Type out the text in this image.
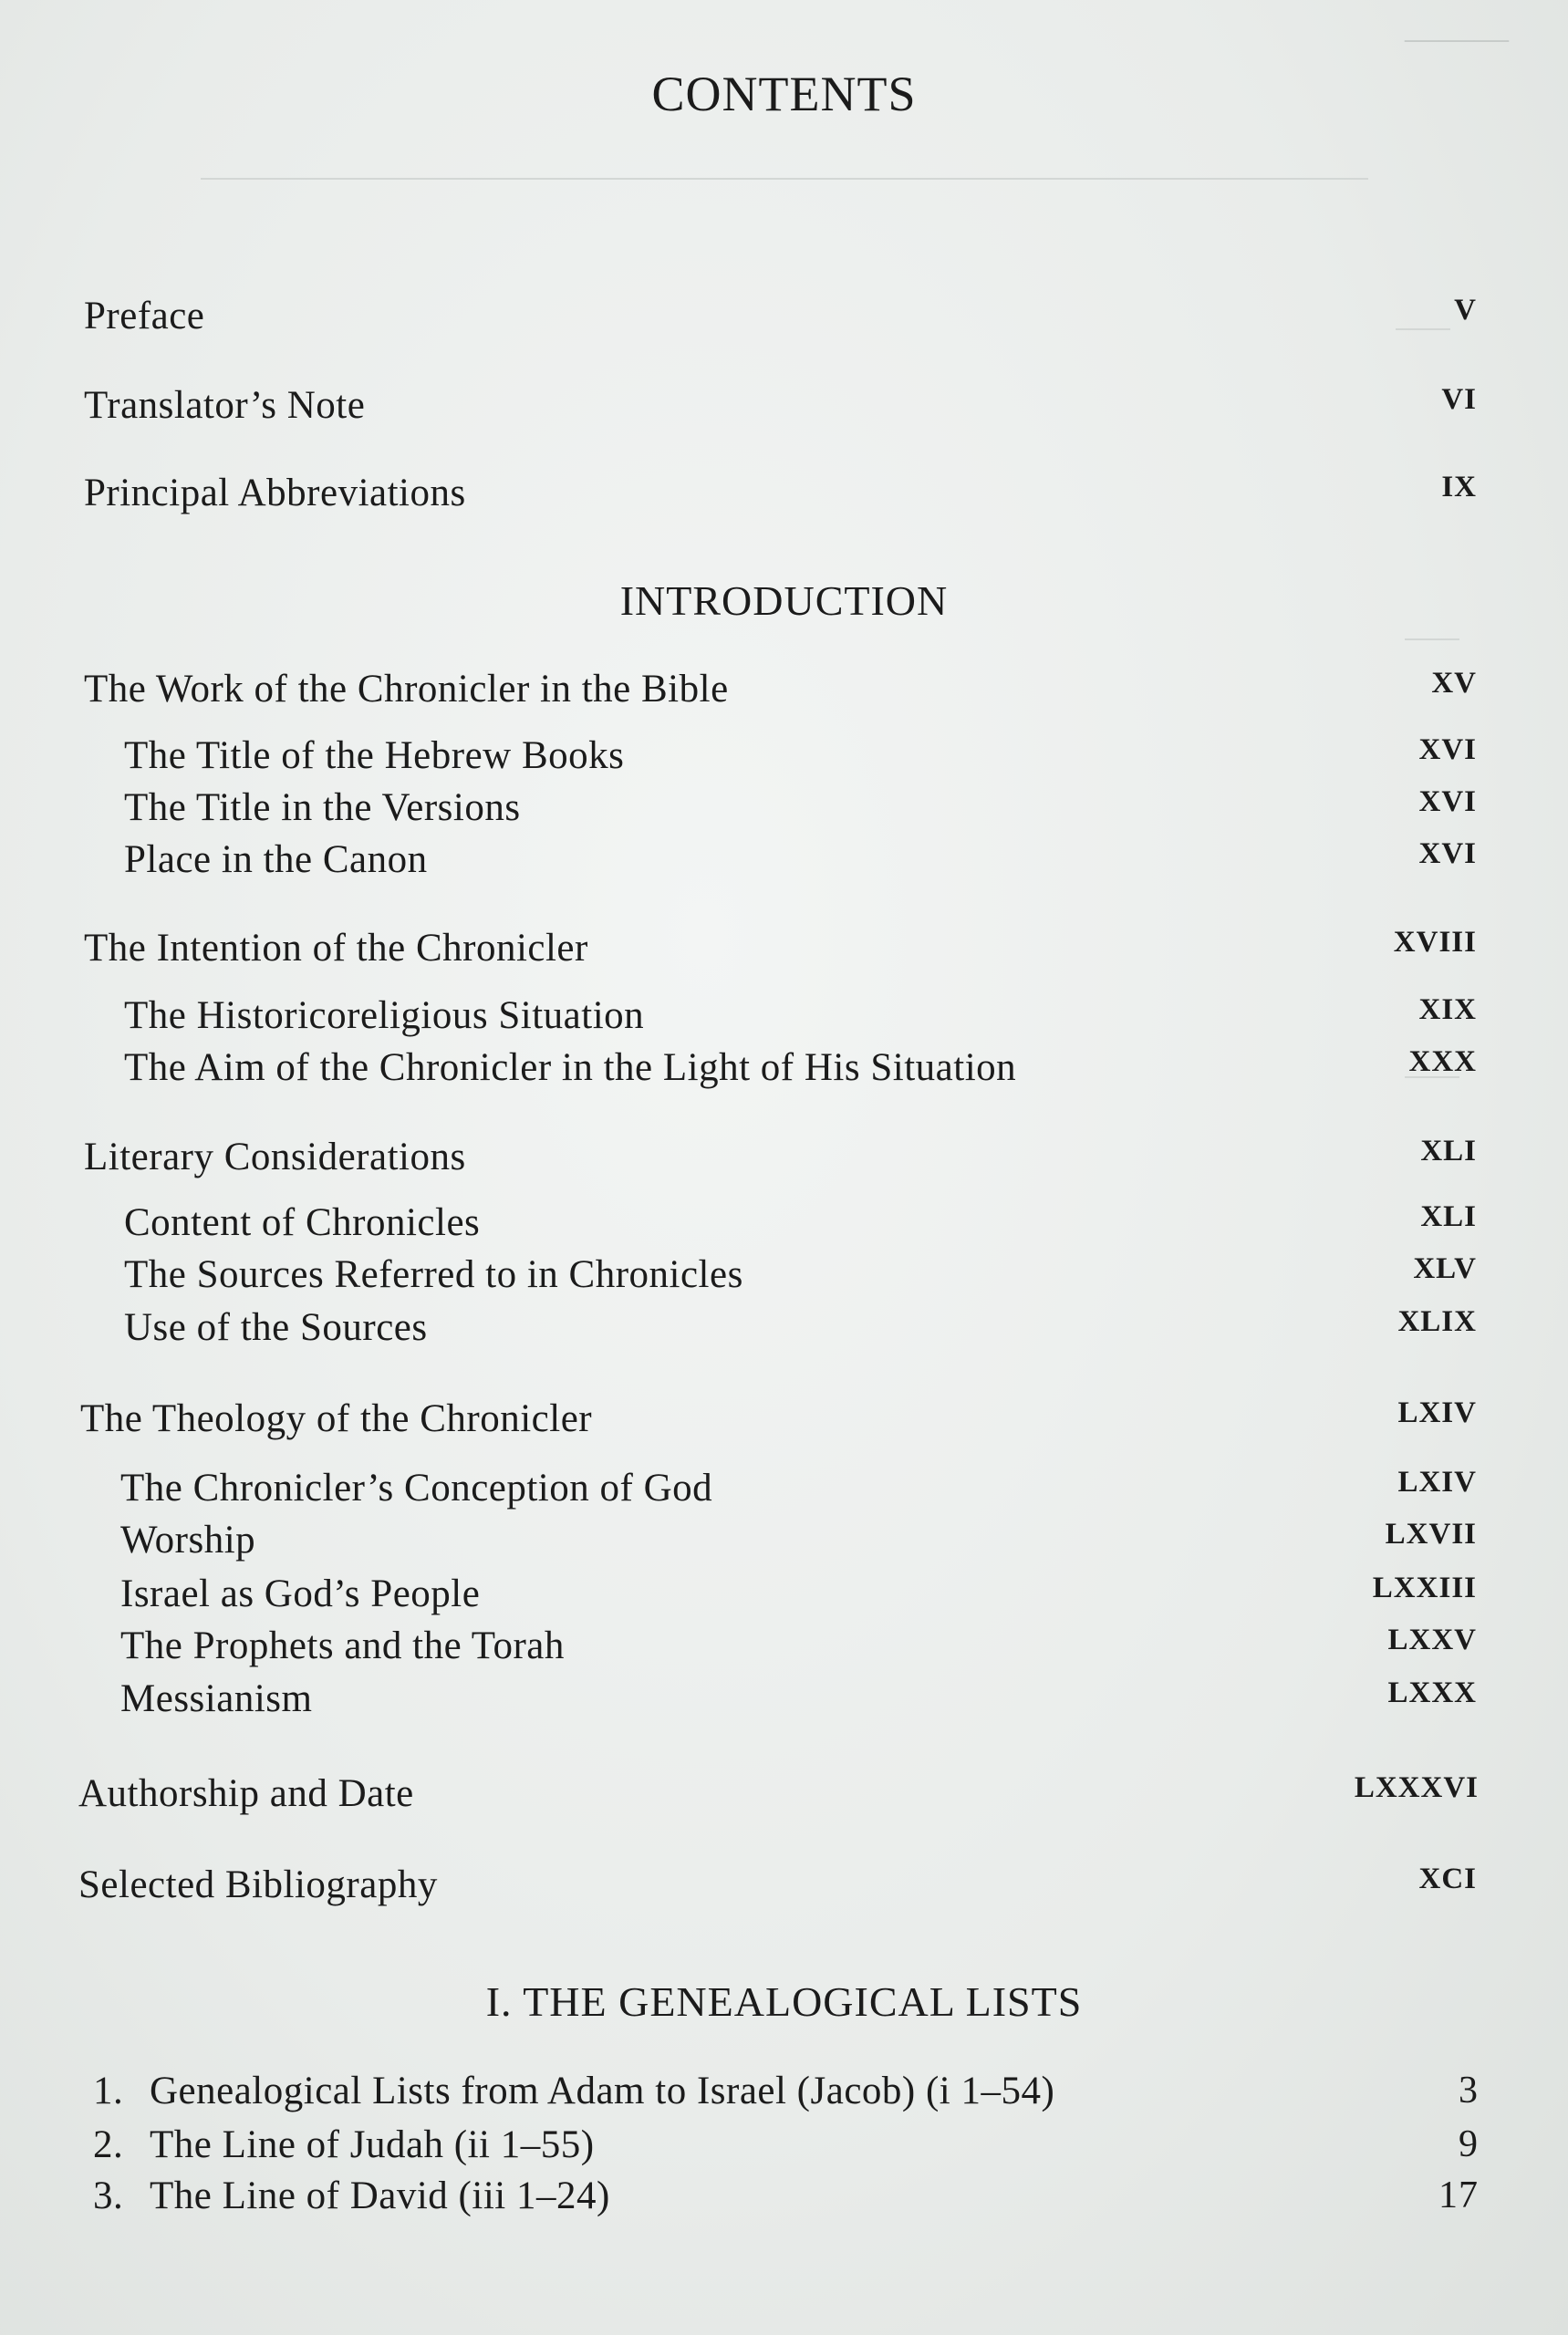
———
CONTENTS
Preface	V
Translator’s Note	VI
Principal Abbreviations	IX
INTRODUCTION
The Work of the Chronicler in the Bible	XV
The Title of the Hebrew Books	XVI
The Title in the Versions	XVI
Place in the Canon	XVI
The Intention of the Chronicler	XVIII
The Historicoreligious Situation	XIX
The Aim of the Chronicler in the Light of His Situation	XXX
Literary Considerations	XLI
Content of Chronicles	XLI
The Sources Referred to in Chronicles	XLV
Use of the Sources	XLIX
The Theology of the Chronicler	LXIV
The Chronicler’s Conception of God	LXIV
Worship	LXVII
Israel as God’s People	LXXIII
The Prophets and the Torah	LXXV
Messianism	LXXX
Authorship and Date	LXXXVI
Selected Bibliography	XCI
I. THE GENEALOGICAL LISTS
1. Genealogical Lists from Adam to Israel (Jacob) (i 1–54)	3
2. The Line of Judah (ii 1–55)	9
3. The Line of David (iii 1–24)	17
